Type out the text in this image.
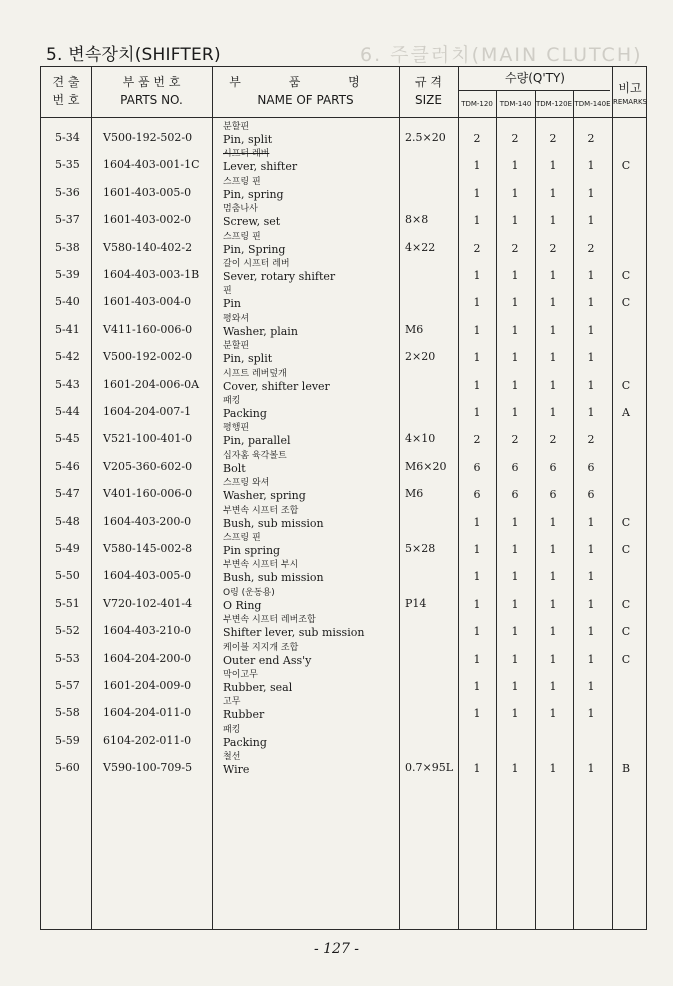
5. 변속장치(SHIFTER)	6. 주클러치(MAIN CLUTCH)
견 출
번 호
부 품 번 호
PARTS NO.
부 품 명
NAME OF PARTS
규 격
SIZE
수량(Q'TY)
TDM-120 TDM-140 TDM-120E TDM-140E
비고
REMARKS
5-34 V500-192-502-0
분할핀
Pin, split	2.5×20	2	2	2	2
5-35 1604-403-001-1C
시프터 레버
Lever, shifter	1	1	1	1	C
5-36 1601-403-005-0
스프링 핀
Pin, spring	1	1	1	1
5-37 1601-403-002-0
멈춤나사
Screw, set	8×8	1	1	1	1
5-38 V580-140-402-2
스프링 핀
Pin, Spring	4×22	2	2	2	2
5-39 1604-403-003-1B
갈이 시프터 레버
Sever, rotary shifter	1	1	1	1	C
5-40 1601-403-004-0
핀
Pin	1	1	1	1	C
5-41 V411-160-006-0
평와셔
Washer, plain	M6	1	1	1	1
5-42 V500-192-002-0
분할핀
Pin, split	2×20	1	1	1	1
5-43 1601-204-006-0A
시프트 레버덮개
Cover, shifter lever	1	1	1	1	C
5-44 1604-204-007-1
패킹
Packing	1	1	1	1	A
5-45 V521-100-401-0
평행핀
Pin, parallel	4×10	2	2	2	2
5-46 V205-360-602-0
십자홈 육각볼트
Bolt	M6×20	6	6	6	6
5-47 V401-160-006-0
스프링 와셔
Washer, spring	M6	6	6	6	6
5-48 1604-403-200-0
부변속 시프터 조합
Bush, sub mission	1	1	1	1	C
5-49 V580-145-002-8
스프링 핀
Pin spring	5×28	1	1	1	1	C
5-50 1604-403-005-0
부변속 시프터 부시
Bush, sub mission	1	1	1	1
5-51 V720-102-401-4
O링 (운동용)
O Ring	P14	1	1	1	1	C
5-52 1604-403-210-0
부변속 시프터 레버조합
Shifter lever, sub mission	1	1	1	1	C
5-53 1604-204-200-0
케이블 지지개 조합
Outer end Ass'y	1	1	1	1	C
5-57 1601-204-009-0
막이고무
Rubber, seal	1	1	1	1
5-58 1604-204-011-0
고무
Rubber	1	1	1	1
5-59 6104-202-011-0
패킹
Packing
5-60 V590-100-709-5
철선
Wire	0.7×95L	1	1	1	1	B
- 127 -
